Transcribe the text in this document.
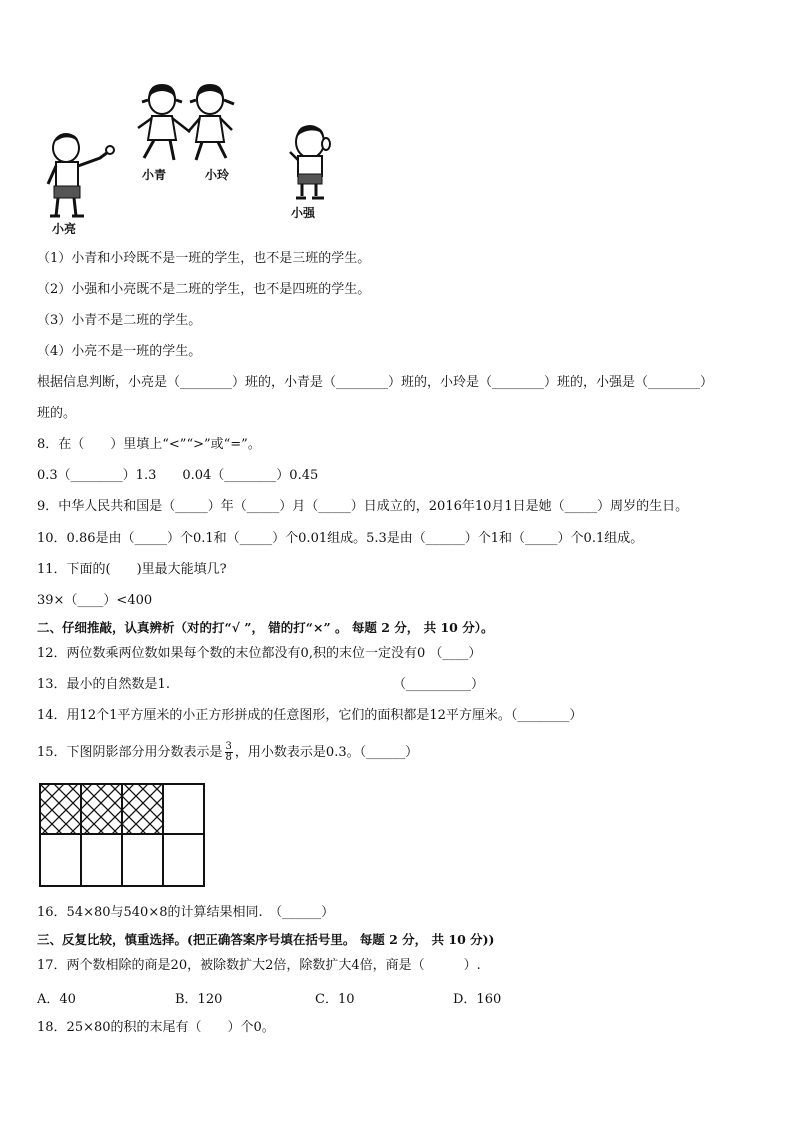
小亮
小青	小玲
小强
（1）小青和小玲既不是一班的学生，也不是三班的学生。
（2）小强和小亮既不是二班的学生，也不是四班的学生。
（3）小青不是二班的学生。
（4）小亮不是一班的学生。
根据信息判断，小亮是（________）班的，小青是（________）班的，小玲是（________）班的，小强是（________）
班的。
8．在（　　）里填上“<”“>”或“=”。
0.3（________）1.3　　0.04（________）0.45
9．中华人民共和国是（_____）年（_____）月（_____）日成立的，2016年10月1日是她（_____）周岁的生日。
10．0.86是由（_____）个0.1和（_____）个0.01组成。5.3是由（______）个1和（_____）个0.1组成。
11．下面的(　　)里最大能填几?
39×（____）<400
二、仔细推敲，认真辨析（对的打“√ ”， 错的打“×” 。 每题 2 分， 共 10 分）。
12．两位数乘两位数如果每个数的末位都没有0,积的末位一定没有0 （____）
13．最小的自然数是1.	（__________）
14．用12个1平方厘米的小正方形拼成的任意图形，它们的面积都是12平方厘米。（________）
15．下图阴影部分用分数表示是 $\frac{3}{8}$ ，用小数表示是0.3。（______）
16．54×80与540×8的计算结果相同.　（______）
三、反复比较，慎重选择。(把正确答案序号填在括号里。 每题 2 分， 共 10 分))
17．两个数相除的商是20，被除数扩大2倍，除数扩大4倍，商是（　　　）.
A．40	B．120	C．10	D．160
18．25×80的积的末尾有（　　）个0。
